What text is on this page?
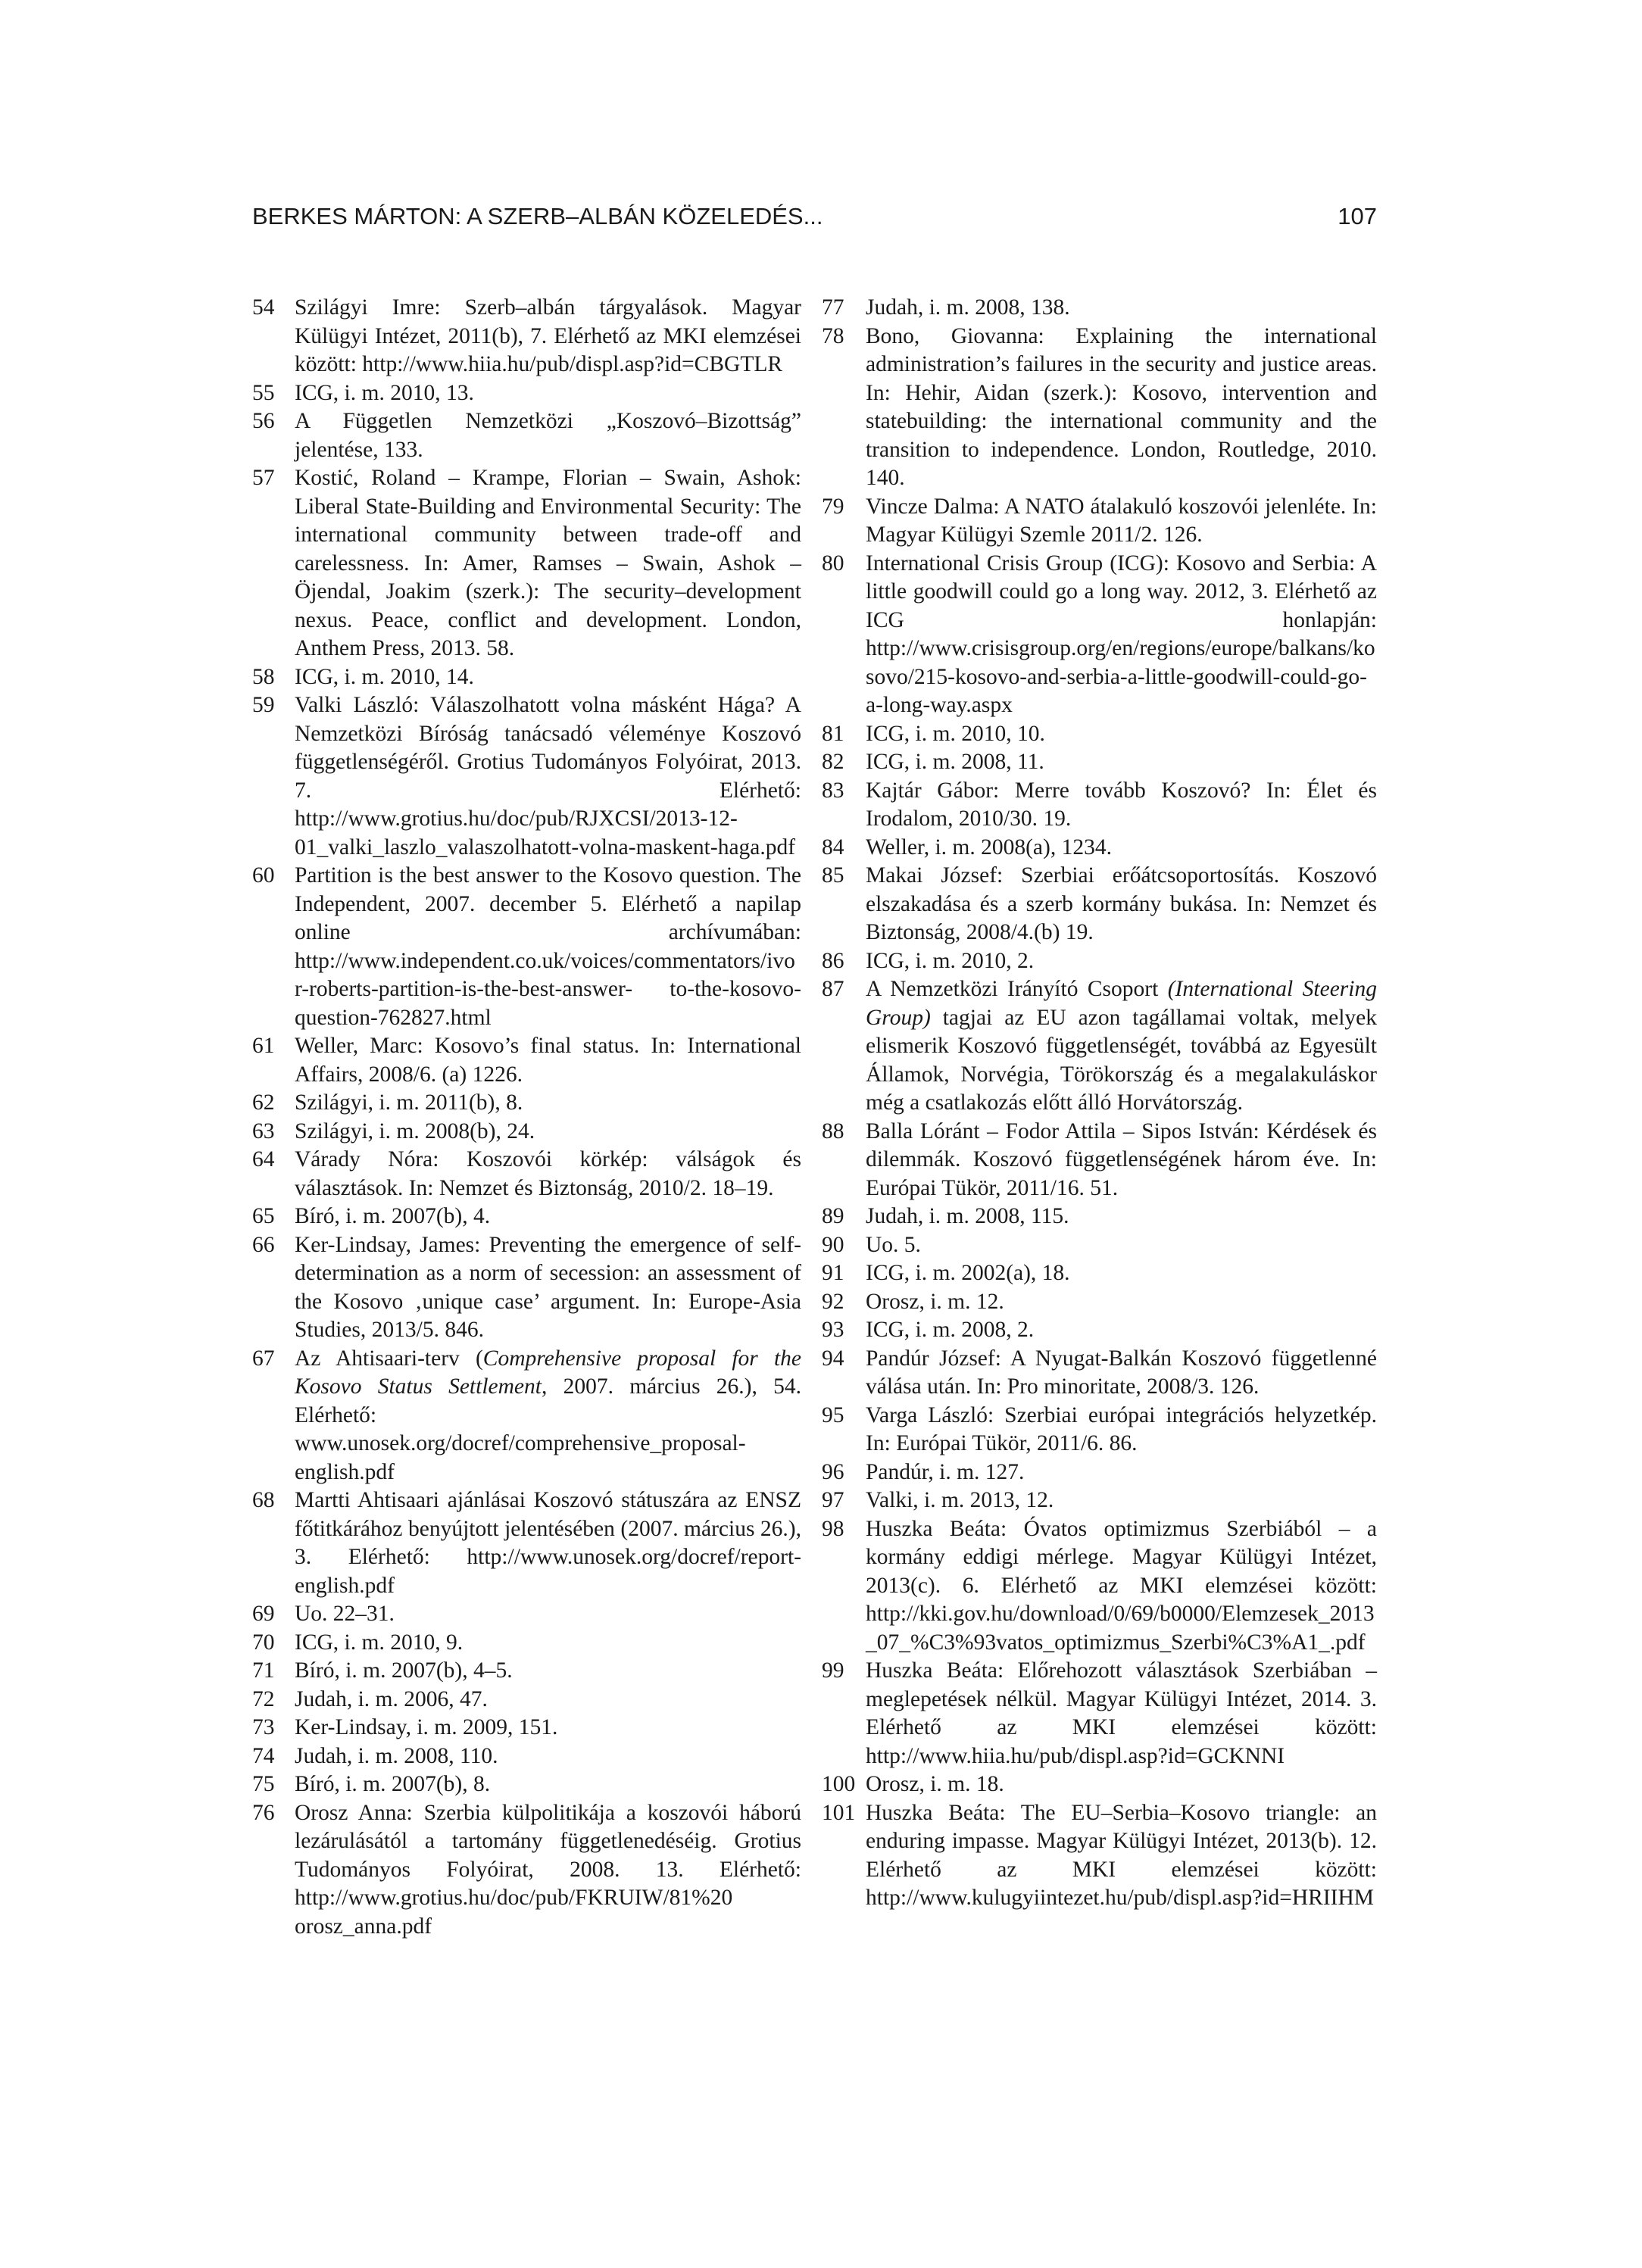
BERKES MÁRTON: A SZERB–ALBÁN KÖZELEDÉS...	107
54 Szilágyi Imre: Szerb–albán tárgyalások. Magyar Külügyi Intézet, 2011(b), 7. Elérhető az MKI elemzései között: http://www.hiia.hu/pub/displ.asp?id=CBGTLR
55 ICG, i. m. 2010, 13.
56 A Független Nemzetközi „Koszovó–Bizottság” jelentése, 133.
57 Kostić, Roland – Krampe, Florian – Swain, Ashok: Liberal State-Building and Environmental Security: The international community between trade-off and carelessness. In: Amer, Ramses – Swain, Ashok – Öjendal, Joakim (szerk.): The security–development nexus. Peace, conflict and development. London, Anthem Press, 2013. 58.
58 ICG, i. m. 2010, 14.
59 Valki László: Válaszolhatott volna másként Hága? A Nemzetközi Bíróság tanácsadó véleménye Koszovó függetlenségéről. Grotius Tudományos Folyóirat, 2013. 7. Elérhető: http://www.grotius.hu/doc/pub/RJXCSI/2013-12-01_valki_laszlo_valaszolhatott-volna-maskent-haga.pdf
60 Partition is the best answer to the Kosovo question. The Independent, 2007. december 5. Elérhető a napilap online archívumában: http://www.independent.co.uk/voices/commentators/ivor-roberts-partition-is-the-best-answer- to-the-kosovo- question-762827.html
61 Weller, Marc: Kosovo’s final status. In: International Affairs, 2008/6. (a) 1226.
62 Szilágyi, i. m. 2011(b), 8.
63 Szilágyi, i. m. 2008(b), 24.
64 Várady Nóra: Koszovói körkép: válságok és választások. In: Nemzet és Biztonság, 2010/2. 18–19.
65 Bíró, i. m. 2007(b), 4.
66 Ker-Lindsay, James: Preventing the emergence of self-determination as a norm of secession: an assessment of the Kosovo ‚unique case’ argument. In: Europe-Asia Studies, 2013/5. 846.
67 Az Ahtisaari-terv (Comprehensive proposal for the Kosovo Status Settlement, 2007. március 26.), 54. Elérhető: www.unosek.org/docref/comprehensive_proposal-english.pdf
68 Martti Ahtisaari ajánlásai Koszovó státuszára az ENSZ főtitkárához benyújtott jelentésében (2007. március 26.), 3. Elérhető: http://www.unosek.org/docref/report-english.pdf
69 Uo. 22–31.
70 ICG, i. m. 2010, 9.
71 Bíró, i. m. 2007(b), 4–5.
72 Judah, i. m. 2006, 47.
73 Ker-Lindsay, i. m. 2009, 151.
74 Judah, i. m. 2008, 110.
75 Bíró, i. m. 2007(b), 8.
76 Orosz Anna: Szerbia külpolitikája a koszovói háború lezárulásától a tartomány függetlenedéséig. Grotius Tudományos Folyóirat, 2008. 13. Elérhető: http://www.grotius.hu/doc/pub/FKRUIW/81%20 orosz_anna.pdf
77 Judah, i. m. 2008, 138.
78 Bono, Giovanna: Explaining the international administration’s failures in the security and justice areas. In: Hehir, Aidan (szerk.): Kosovo, intervention and statebuilding: the international community and the transition to independence. London, Routledge, 2010. 140.
79 Vincze Dalma: A NATO átalakuló koszovói jelenléte. In: Magyar Külügyi Szemle 2011/2. 126.
80 International Crisis Group (ICG): Kosovo and Serbia: A little goodwill could go a long way. 2012, 3. Elérhető az ICG honlapján: http://www.crisisgroup.org/en/regions/europe/balkans/kosovo/215-kosovo-and-serbia-a-little-goodwill-could-go-a-long-way.aspx
81 ICG, i. m. 2010, 10.
82 ICG, i. m. 2008, 11.
83 Kajtár Gábor: Merre tovább Koszovó? In: Élet és Irodalom, 2010/30. 19.
84 Weller, i. m. 2008(a), 1234.
85 Makai József: Szerbiai erőátcsoportosítás. Koszovó elszakadása és a szerb kormány bukása. In: Nemzet és Biztonság, 2008/4.(b) 19.
86 ICG, i. m. 2010, 2.
87 A Nemzetközi Irányító Csoport (International Steering Group) tagjai az EU azon tagállamai voltak, melyek elismerik Koszovó függetlenségét, továbbá az Egyesült Államok, Norvégia, Törökország és a megalakuláskor még a csatlakozás előtt álló Horvátország.
88 Balla Lóránt – Fodor Attila – Sipos István: Kérdések és dilemmák. Koszovó függetlenségének három éve. In: Európai Tükör, 2011/16. 51.
89 Judah, i. m. 2008, 115.
90 Uo. 5.
91 ICG, i. m. 2002(a), 18.
92 Orosz, i. m. 12.
93 ICG, i. m. 2008, 2.
94 Pandúr József: A Nyugat-Balkán Koszovó függetlenné válása után. In: Pro minoritate, 2008/3. 126.
95 Varga László: Szerbiai európai integrációs helyzetkép. In: Európai Tükör, 2011/6. 86.
96 Pandúr, i. m. 127.
97 Valki, i. m. 2013, 12.
98 Huszka Beáta: Óvatos optimizmus Szerbiából – a kormány eddigi mérlege. Magyar Külügyi Intézet, 2013(c). 6. Elérhető az MKI elemzései között: http://kki.gov.hu/download/0/69/b0000/Elemzesek_2013_07_%C3%93vatos_optimizmus_Szerbi%C3%A1_.pdf
99 Huszka Beáta: Előrehozott választások Szerbiában – meglepetések nélkül. Magyar Külügyi Intézet, 2014. 3. Elérhető az MKI elemzései között: http://www.hiia.hu/pub/displ.asp?id=GCKNNI
100 Orosz, i. m. 18.
101 Huszka Beáta: The EU–Serbia–Kosovo triangle: an enduring impasse. Magyar Külügyi Intézet, 2013(b). 12. Elérhető az MKI elemzései között: http://www.kulugyiintezet.hu/pub/displ.asp?id=HRIIHM
